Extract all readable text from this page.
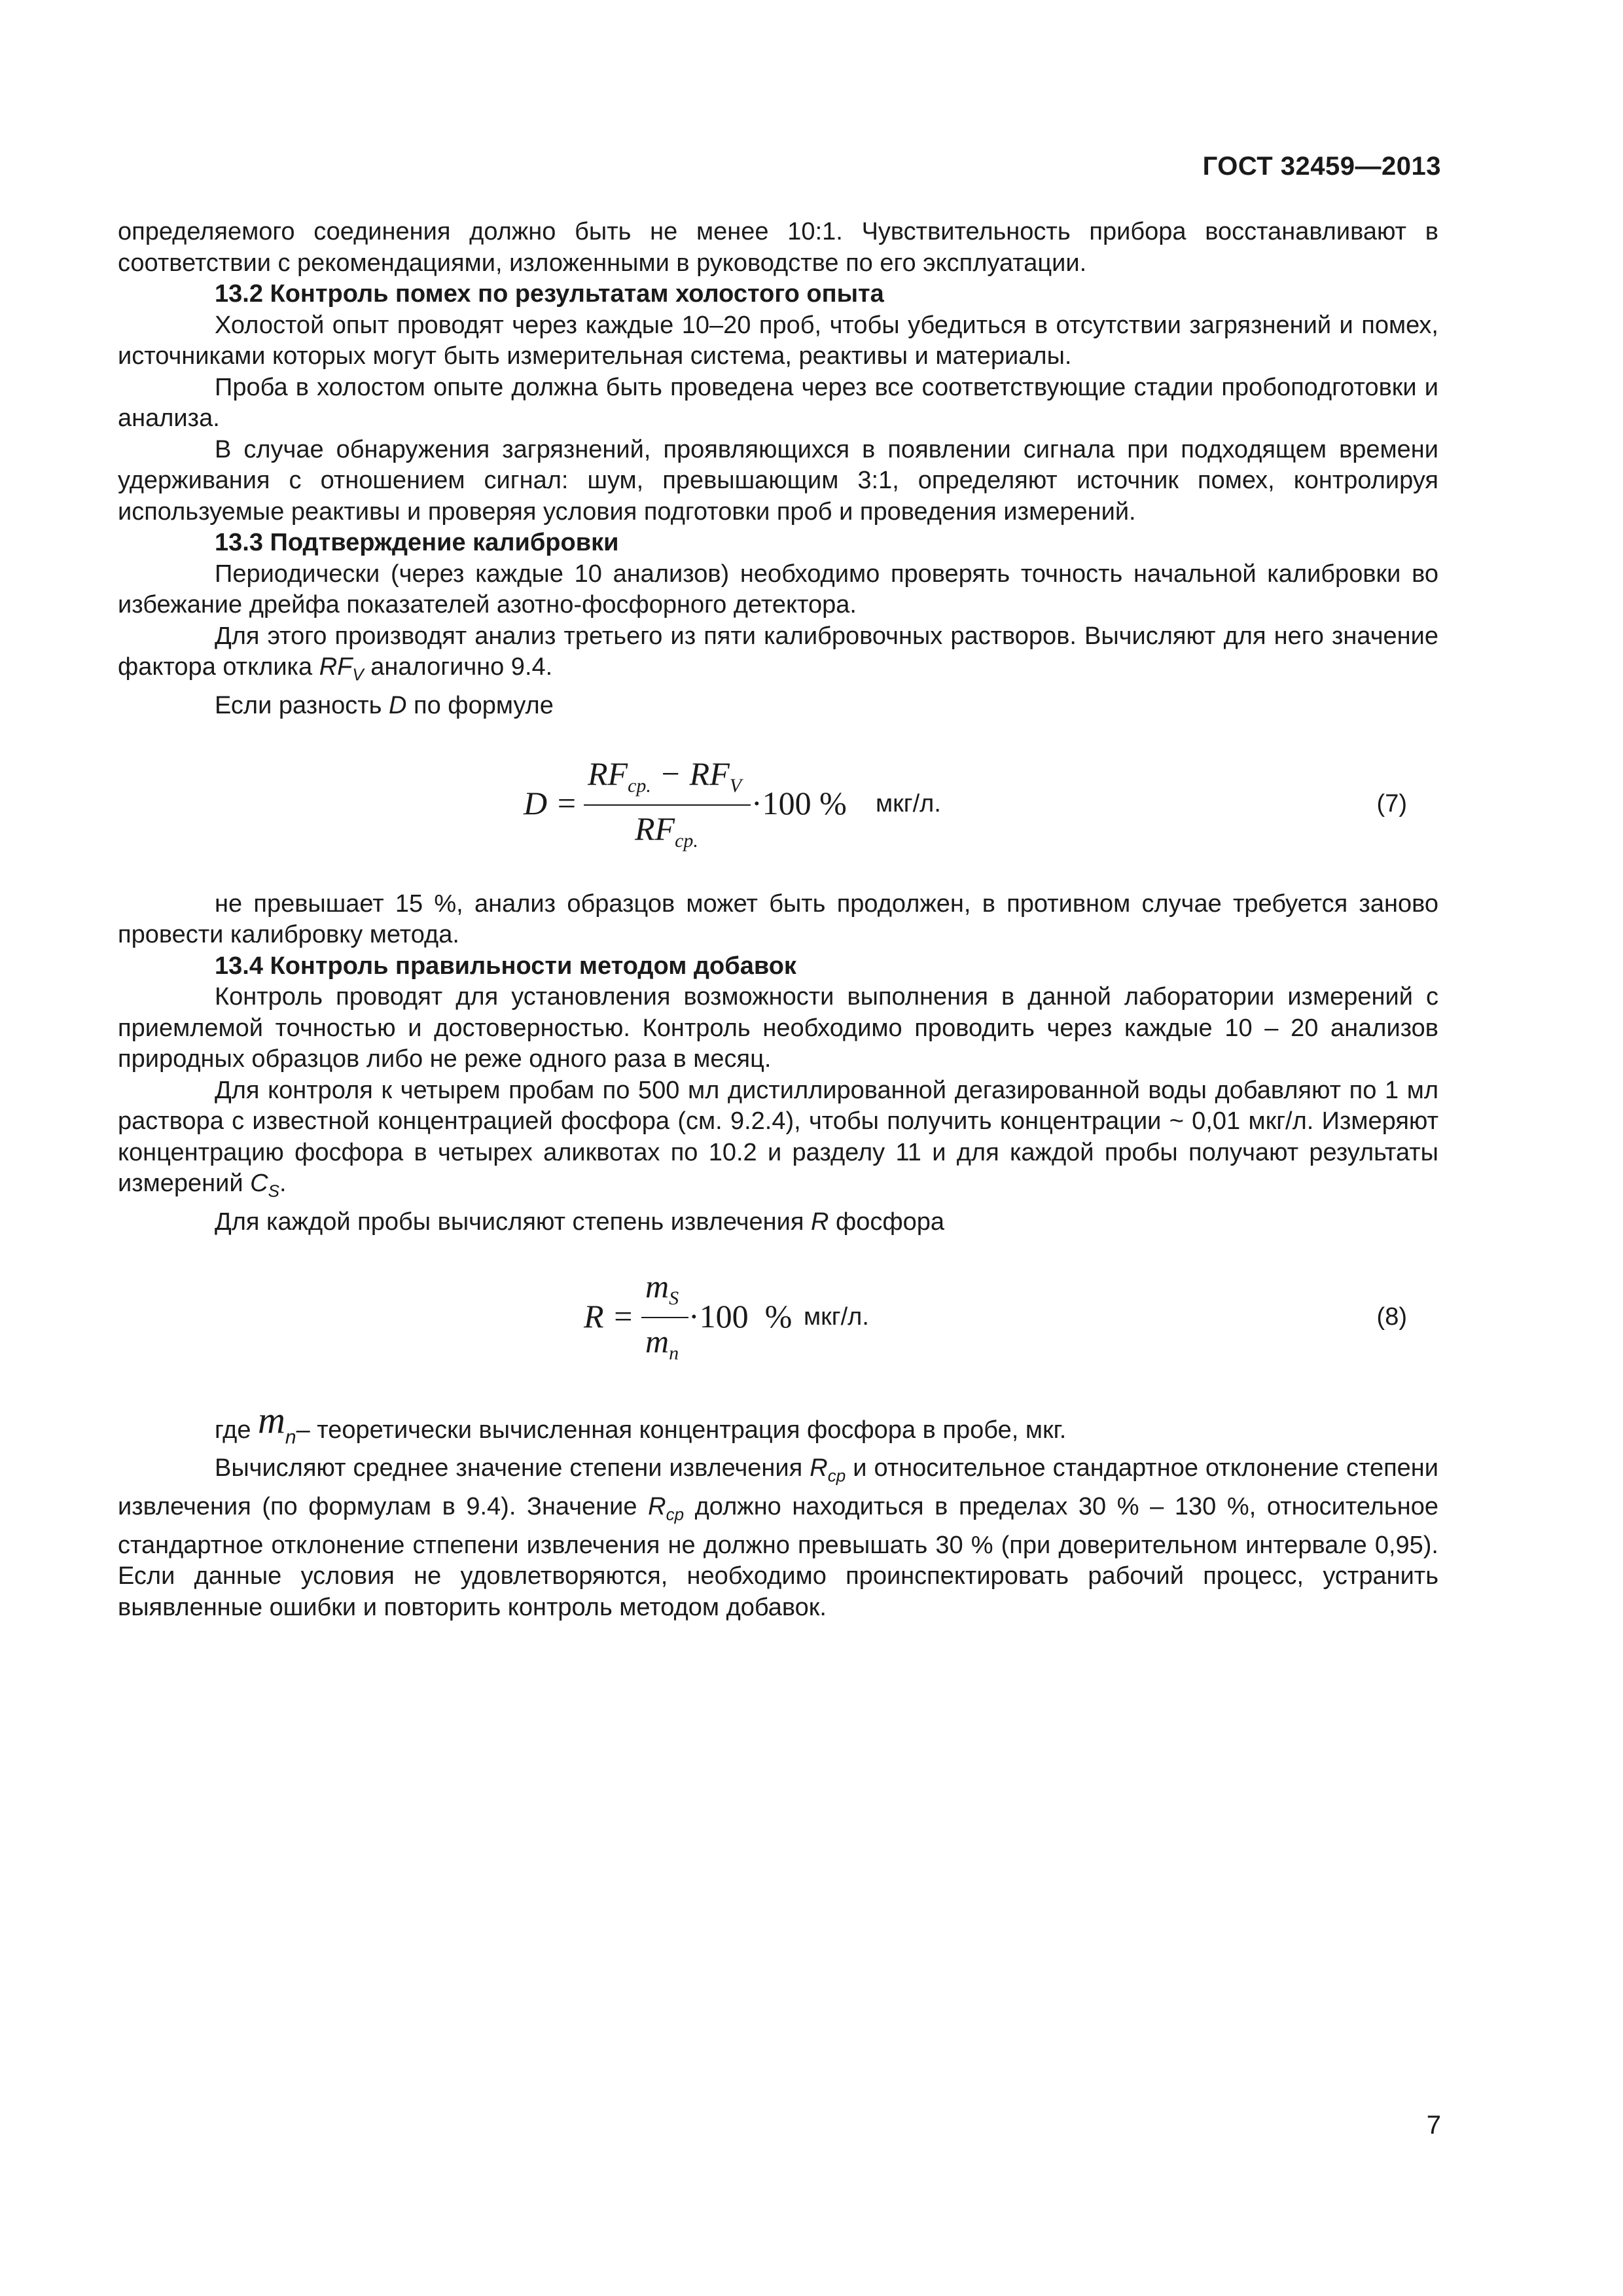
ГОСТ 32459—2013

определяемого соединения должно быть не менее 10:1. Чувствительность прибора восстанавливают в соответствии с рекомендациями, изложенными в руководстве по его эксплуатации.

13.2 Контроль помех по результатам холостого опыта

Холостой опыт проводят через каждые 10–20 проб, чтобы убедиться в отсутствии загрязнений и помех, источниками которых могут быть измерительная система, реактивы и материалы.

Проба в холостом опыте должна быть проведена через все соответствующие стадии пробоподготовки и анализа.

В случае обнаружения загрязнений, проявляющихся в появлении сигнала при подходящем времени удерживания с отношением сигнал: шум, превышающим 3:1, определяют источник помех, контролируя используемые реактивы и проверяя условия подготовки проб и проведения измерений.

13.3 Подтверждение калибровки

Периодически (через каждые 10 анализов) необходимо проверять точность начальной калибровки во избежание дрейфа показателей азотно-фосфорного детектора.

Для этого производят анализ третьего из пяти калибровочных растворов. Вычисляют для него значение фактора отклика $RF_V$ аналогично 9.4.

Если разность D по формуле

D =
$RF_{ср.} - RF_V$
$RF_{ср.}$
·100 % мкг/л.	(7)

не превышает 15 %, анализ образцов может быть продолжен, в противном случае требуется заново провести калибровку метода.

13.4 Контроль правильности методом добавок

Контроль проводят для установления возможности выполнения в данной лаборатории измерений с приемлемой точностью и достоверностью. Контроль необходимо проводить через каждые 10 – 20 анализов природных образцов либо не реже одного раза в месяц.

Для контроля к четырем пробам по 500 мл дистиллированной дегазированной воды добавляют по 1 мл раствора с известной концентрацией фосфора (см. 9.2.4), чтобы получить концентрации ~ 0,01 мкг/л. Измеряют концентрацию фосфора в четырех аликвотах по 10.2 и разделу 11 и для каждой пробы получают результаты измерений $C_S$.

Для каждой пробы вычисляют степень извлечения R фосфора

R =
$m_S$
$m_n$
·100  % мкг/л.	(8)

где $m_n-$ теоретически вычисленная концентрация фосфора в пробе, мкг.

Вычисляют среднее значение степени извлечения $R_{ср}$ и относительное стандартное отклонение степени извлечения (по формулам в 9.4). Значение $R_{ср}$ должно находиться в пределах 30 % – 130 %, относительное стандартное отклонение стпепени извлечения не должно превышать 30 % (при доверительном интервале 0,95). Если данные условия не удовлетворяются, необходимо проинспектировать рабочий процесс, устранить выявленные ошибки и повторить контроль методом добавок.

7
